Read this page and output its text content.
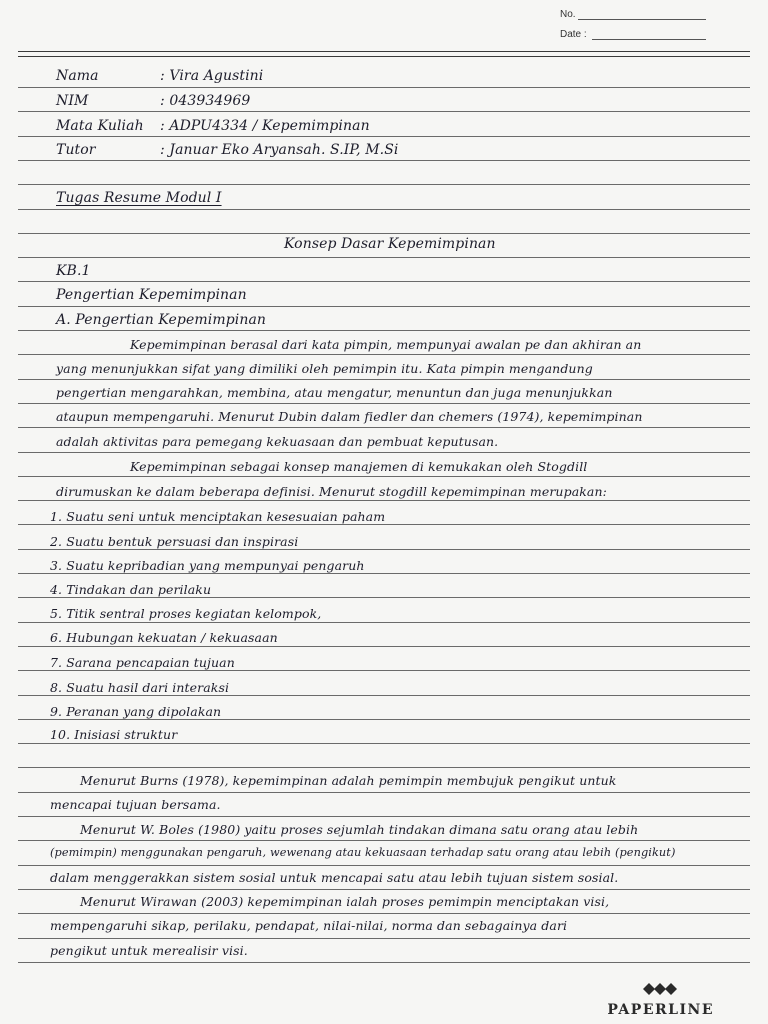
No.
Date :
Nama	: Vira Agustini
NIM	: 043934969
Mata Kuliah : ADPU4334 / Kepemimpinan
Tutor	: Januar Eko Aryansah. S.IP, M.Si
Tugas Resume Modul I
Konsep Dasar Kepemimpinan
KB.1
Pengertian Kepemimpinan
A. Pengertian Kepemimpinan
Kepemimpinan berasal dari kata pimpin, mempunyai awalan pe dan akhiran an
yang menunjukkan sifat yang dimiliki oleh pemimpin itu. Kata pimpin mengandung
pengertian mengarahkan, membina, atau mengatur, menuntun dan juga menunjukkan
ataupun mempengaruhi. Menurut Dubin dalam fiedler dan chemers (1974), kepemimpinan
adalah aktivitas para pemegang kekuasaan dan pembuat keputusan.
Kepemimpinan sebagai konsep manajemen di kemukakan oleh Stogdill
dirumuskan ke dalam beberapa definisi. Menurut stogdill kepemimpinan merupakan:
1. Suatu seni untuk menciptakan kesesuaian paham
2. Suatu bentuk persuasi dan inspirasi
3. Suatu kepribadian yang mempunyai pengaruh
4. Tindakan dan perilaku
5. Titik sentral proses kegiatan kelompok,
6. Hubungan kekuatan / kekuasaan
7. Sarana pencapaian tujuan
8. Suatu hasil dari interaksi
9. Peranan yang dipolakan
10. Inisiasi struktur
Menurut Burns (1978), kepemimpinan adalah pemimpin membujuk pengikut untuk
mencapai tujuan bersama.
Menurut W. Boles (1980) yaitu proses sejumlah tindakan dimana satu orang atau lebih
(pemimpin) menggunakan pengaruh, wewenang atau kekuasaan terhadap satu orang atau lebih (pengikut)
dalam menggerakkan sistem sosial untuk mencapai satu atau lebih tujuan sistem sosial.
Menurut Wirawan (2003) kepemimpinan ialah proses pemimpin menciptakan visi,
mempengaruhi sikap, perilaku, pendapat, nilai-nilai, norma dan sebagainya dari
pengikut untuk merealisir visi.
PAPERLINE
